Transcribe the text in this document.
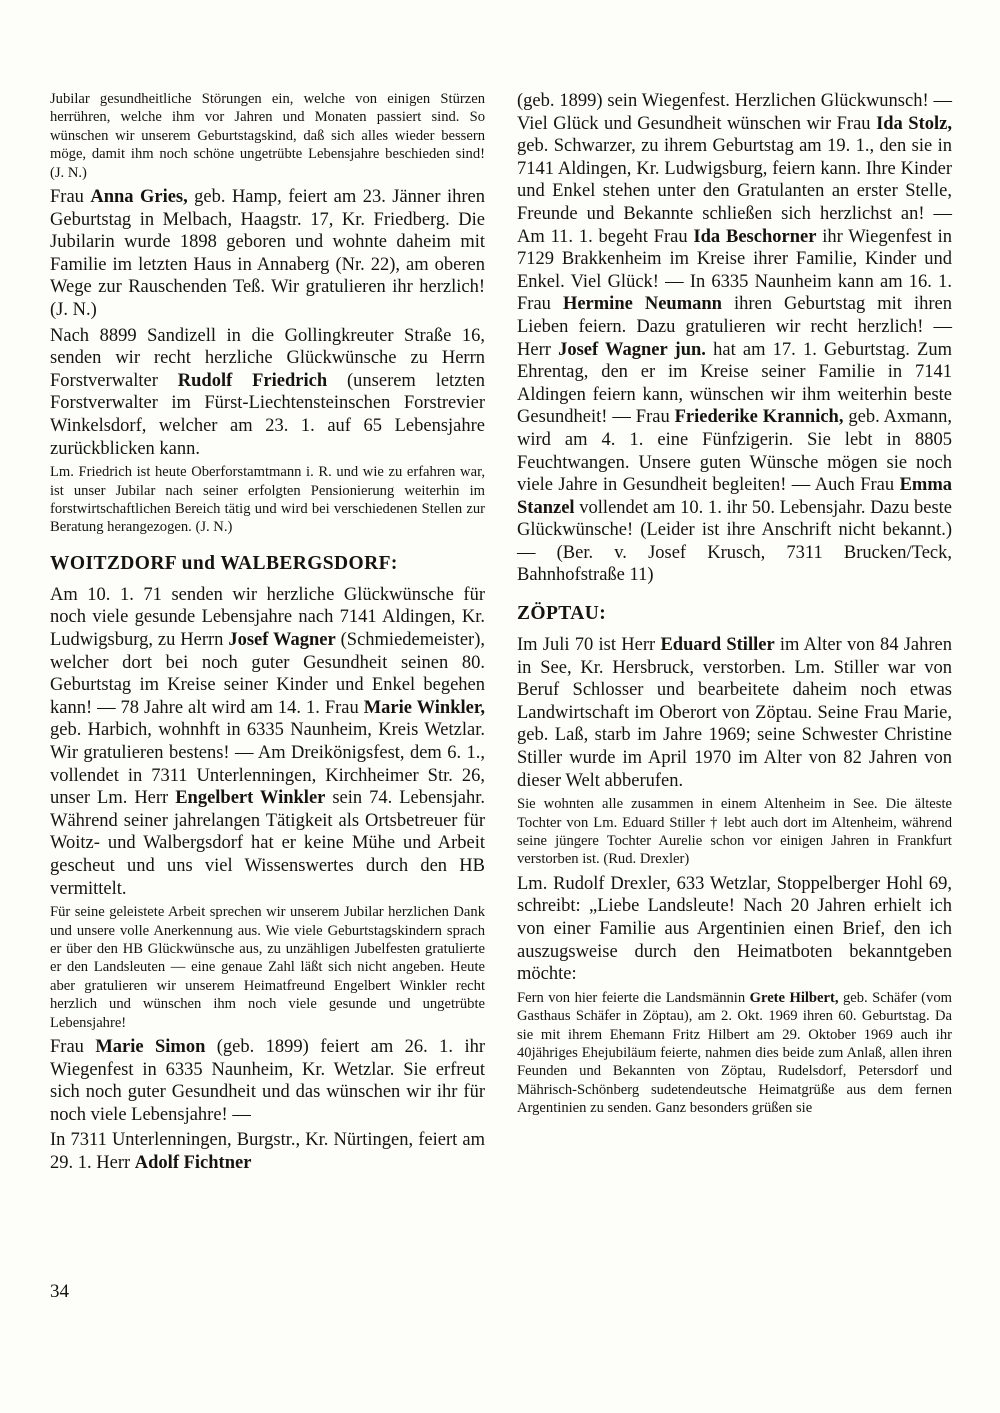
Jubilar gesundheitliche Störungen ein, welche von einigen Stürzen herrühren, welche ihm vor Jahren und Monaten passiert sind. So wünschen wir unserem Geburtstagskind, daß sich alles wieder bessern möge, damit ihm noch schöne ungetrübte Lebensjahre beschieden sind! (J. N.)

Frau Anna Gries, geb. Hamp, feiert am 23. Jänner ihren Geburtstag in Melbach, Haagstr. 17, Kr. Friedberg. Die Jubilarin wurde 1898 geboren und wohnte daheim mit Familie im letzten Haus in Annaberg (Nr. 22), am oberen Wege zur Rauschenden Teß. Wir gratulieren ihr herzlich! (J. N.)

Nach 8899 Sandizell in die Gollingkreuter Straße 16, senden wir recht herzliche Glückwünsche zu Herrn Forstverwalter Rudolf Friedrich (unserem letzten Forstverwalter im Fürst-Liechtensteinschen Forstrevier Winkelsdorf, welcher am 23. 1. auf 65 Lebensjahre zurückblicken kann.

Lm. Friedrich ist heute Oberforstamtmann i. R. und wie zu erfahren war, ist unser Jubilar nach seiner erfolgten Pensionierung weiterhin im forstwirtschaftlichen Bereich tätig und wird bei verschiedenen Stellen zur Beratung herangezogen. (J. N.)

WOITZDORF und WALBERGSDORF:

Am 10. 1. 71 senden wir herzliche Glückwünsche für noch viele gesunde Lebensjahre nach 7141 Aldingen, Kr. Ludwigsburg, zu Herrn Josef Wagner (Schmiedemeister), welcher dort bei noch guter Gesundheit seinen 80. Geburtstag im Kreise seiner Kinder und Enkel begehen kann! — 78 Jahre alt wird am 14. 1. Frau Marie Winkler, geb. Harbich, wohnhft in 6335 Naunheim, Kreis Wetzlar. Wir gratulieren bestens! — Am Dreikönigsfest, dem 6. 1., vollendet in 7311 Unterlenningen, Kirchheimer Str. 26, unser Lm. Herr Engelbert Winkler sein 74. Lebensjahr. Während seiner jahrelangen Tätigkeit als Ortsbetreuer für Woitz- und Walbergsdorf hat er keine Mühe und Arbeit gescheut und uns viel Wissenswertes durch den HB vermittelt.

Für seine geleistete Arbeit sprechen wir unserem Jubilar herzlichen Dank und unsere volle Anerkennung aus. Wie viele Geburtstagskindern sprach er über den HB Glückwünsche aus, zu unzähligen Jubelfesten gratulierte er den Landsleuten — eine genaue Zahl läßt sich nicht angeben. Heute aber gratulieren wir unserem Heimatfreund Engelbert Winkler recht herzlich und wünschen ihm noch viele gesunde und ungetrübte Lebensjahre!

Frau Marie Simon (geb. 1899) feiert am 26. 1. ihr Wiegenfest in 6335 Naunheim, Kr. Wetzlar. Sie erfreut sich noch guter Gesundheit und das wünschen wir ihr für noch viele Lebensjahre! —

In 7311 Unterlenningen, Burgstr., Kr. Nürtingen, feiert am 29. 1. Herr Adolf Fichtner

(geb. 1899) sein Wiegenfest. Herzlichen Glückwunsch! — Viel Glück und Gesundheit wünschen wir Frau Ida Stolz, geb. Schwarzer, zu ihrem Geburtstag am 19. 1., den sie in 7141 Aldingen, Kr. Ludwigsburg, feiern kann. Ihre Kinder und Enkel stehen unter den Gratulanten an erster Stelle, Freunde und Bekannte schließen sich herzlichst an! — Am 11. 1. begeht Frau Ida Beschorner ihr Wiegenfest in 7129 Brakkenheim im Kreise ihrer Familie, Kinder und Enkel. Viel Glück! — In 6335 Naunheim kann am 16. 1. Frau Hermine Neumann ihren Geburtstag mit ihren Lieben feiern. Dazu gratulieren wir recht herzlich! — Herr Josef Wagner jun. hat am 17. 1. Geburtstag. Zum Ehrentag, den er im Kreise seiner Familie in 7141 Aldingen feiern kann, wünschen wir ihm weiterhin beste Gesundheit! — Frau Friederike Krannich, geb. Axmann, wird am 4. 1. eine Fünfzigerin. Sie lebt in 8805 Feuchtwangen. Unsere guten Wünsche mögen sie noch viele Jahre in Gesundheit begleiten! — Auch Frau Emma Stanzel vollendet am 10. 1. ihr 50. Lebensjahr. Dazu beste Glückwünsche! (Leider ist ihre Anschrift nicht bekannt.) — (Ber. v. Josef Krusch, 7311 Brucken/Teck, Bahnhofstraße 11)

ZÖPTAU:

Im Juli 70 ist Herr Eduard Stiller im Alter von 84 Jahren in See, Kr. Hersbruck, verstorben. Lm. Stiller war von Beruf Schlosser und bearbeitete daheim noch etwas Landwirtschaft im Oberort von Zöptau. Seine Frau Marie, geb. Laß, starb im Jahre 1969; seine Schwester Christine Stiller wurde im April 1970 im Alter von 82 Jahren von dieser Welt abberufen.

Sie wohnten alle zusammen in einem Altenheim in See. Die älteste Tochter von Lm. Eduard Stiller † lebt auch dort im Altenheim, während seine jüngere Tochter Aurelie schon vor einigen Jahren in Frankfurt verstorben ist. (Rud. Drexler)

Lm. Rudolf Drexler, 633 Wetzlar, Stoppelberger Hohl 69, schreibt: „Liebe Landsleute! Nach 20 Jahren erhielt ich von einer Familie aus Argentinien einen Brief, den ich auszugsweise durch den Heimatboten bekanntgeben möchte:

Fern von hier feierte die Landsmännin Grete Hilbert, geb. Schäfer (vom Gasthaus Schäfer in Zöptau), am 2. Okt. 1969 ihren 60. Geburtstag. Da sie mit ihrem Ehemann Fritz Hilbert am 29. Oktober 1969 auch ihr 40jähriges Ehejubiläum feierte, nahmen dies beide zum Anlaß, allen ihren Feunden und Bekannten von Zöptau, Rudelsdorf, Petersdorf und Mährisch-Schönberg sudetendeutsche Heimatgrüße aus dem fernen Argentinien zu senden. Ganz besonders grüßen sie

34
